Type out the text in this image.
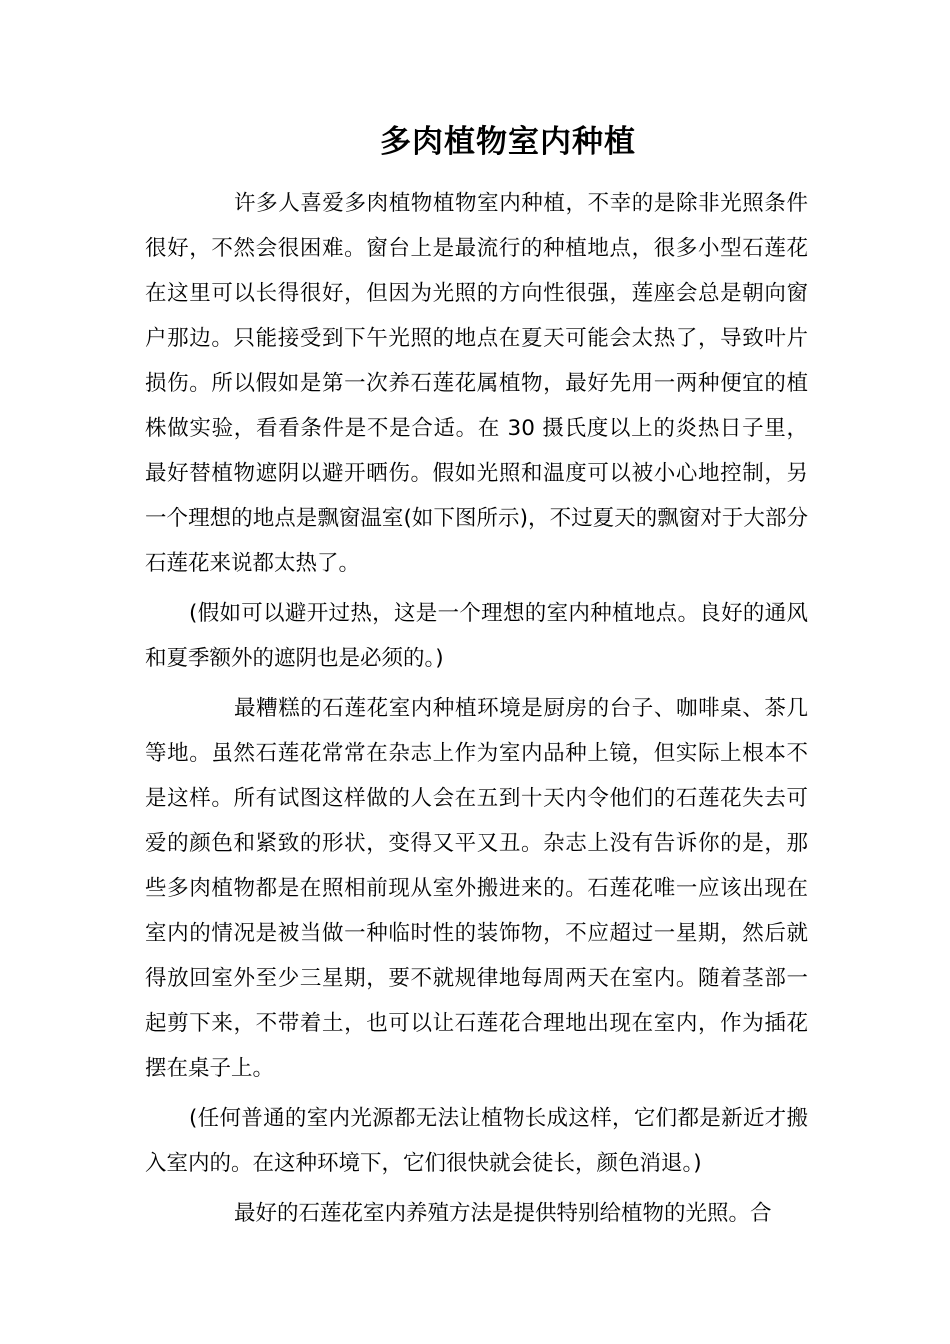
多肉植物室内种植

许多人喜爱多肉植物植物室内种植，不幸的是除非光照条件很好，不然会很困难。窗台上是最流行的种植地点，很多小型石莲花在这里可以长得很好，但因为光照的方向性很强，莲座会总是朝向窗户那边。只能接受到下午光照的地点在夏天可能会太热了，导致叶片损伤。所以假如是第一次养石莲花属植物，最好先用一两种便宜的植株做实验，看看条件是不是合适。在 30 摄氏度以上的炎热日子里，最好替植物遮阴以避开晒伤。假如光照和温度可以被小心地控制，另一个理想的地点是飘窗温室(如下图所示)，不过夏天的飘窗对于大部分石莲花来说都太热了。

(假如可以避开过热，这是一个理想的室内种植地点。良好的通风和夏季额外的遮阴也是必须的。)

最糟糕的石莲花室内种植环境是厨房的台子、咖啡桌、茶几等地。虽然石莲花常常在杂志上作为室内品种上镜，但实际上根本不是这样。所有试图这样做的人会在五到十天内令他们的石莲花失去可爱的颜色和紧致的形状，变得又平又丑。杂志上没有告诉你的是，那些多肉植物都是在照相前现从室外搬进来的。石莲花唯一应该出现在室内的情况是被当做一种临时性的装饰物，不应超过一星期，然后就得放回室外至少三星期，要不就规律地每周两天在室内。随着茎部一起剪下来，不带着土，也可以让石莲花合理地出现在室内，作为插花摆在桌子上。

(任何普通的室内光源都无法让植物长成这样，它们都是新近才搬入室内的。在这种环境下，它们很快就会徒长，颜色消退。)

最好的石莲花室内养殖方法是提供特别给植物的光照。合
